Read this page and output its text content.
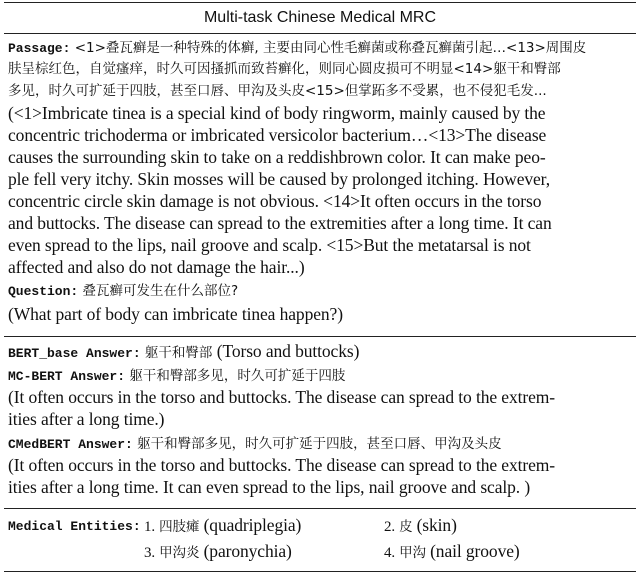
Multi-task Chinese Medical MRC
Passage: <1>叠瓦癣是一种特殊的体癣, 主要由同心性毛癣菌或称叠瓦癣菌引起…<13>周围皮
肤呈棕红色，自觉瘙痒，时久可因搔抓而致苔癣化，则同心圆皮损可不明显<14>躯干和臀部
多见，时久可扩延于四肢，甚至口唇、甲沟及头皮<15>但掌跖多不受累，也不侵犯毛发...
(<1>Imbricate tinea is a special kind of body ringworm, mainly caused by the
concentric trichoderma or imbricated versicolor bacterium…<13>The disease
causes the surrounding skin to take on a reddishbrown color. It can make peo-
ple fell very itchy. Skin mosses will be caused by prolonged itching. However,
concentric circle skin damage is not obvious. <14>It often occurs in the torso
and buttocks. The disease can spread to the extremities after a long time. It can
even spread to the lips, nail groove and scalp. <15>But the metatarsal is not
affected and also do not damage the hair...)
Question: 叠瓦癣可发生在什么部位?
(What part of body can imbricate tinea happen?)
BERT_base Answer: 躯干和臀部 (Torso and buttocks)
MC-BERT Answer: 躯干和臀部多见，时久可扩延于四肢
(It often occurs in the torso and buttocks. The disease can spread to the extrem-
ities after a long time.)
CMedBERT Answer: 躯干和臀部多见，时久可扩延于四肢，甚至口唇、甲沟及头皮
(It often occurs in the torso and buttocks. The disease can spread to the extrem-
ities after a long time. It can even spread to the lips, nail groove and scalp. )
Medical Entities: 1. 四肢瘫 (quadriplegia)	2. 皮 (skin)
3. 甲沟炎 (paronychia)	4. 甲沟 (nail groove)
